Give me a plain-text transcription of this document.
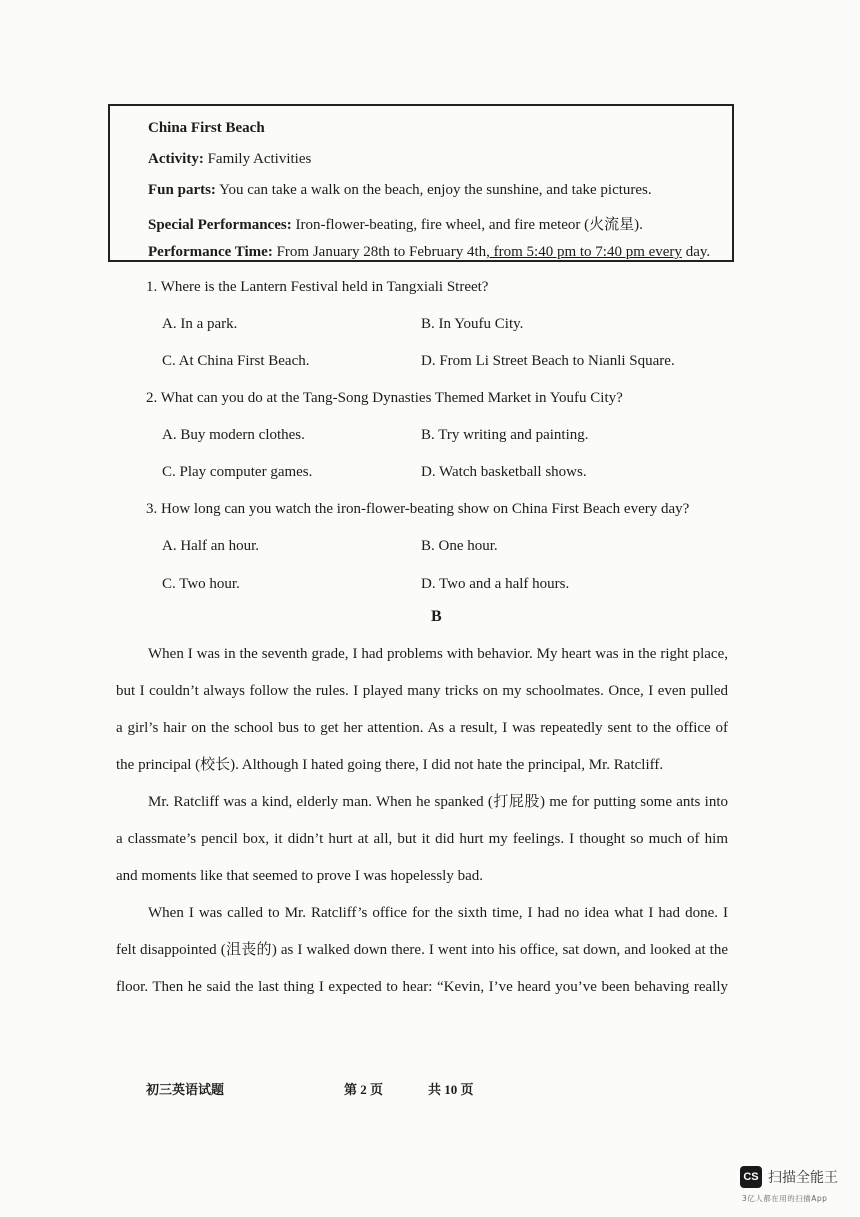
China First Beach
Activity: Family Activities
Fun parts: You can take a walk on the beach, enjoy the sunshine, and take pictures.
Special Performances: Iron-flower-beating, fire wheel, and fire meteor (火流星).
Performance Time: From January 28th to February 4th, from 5:40 pm to 7:40 pm every day.
1. Where is the Lantern Festival held in Tangxiali Street?
A. In a park.	B. In Youfu City.
C. At China First Beach.	D. From Li Street Beach to Nianli Square.
2. What can you do at the Tang-Song Dynasties Themed Market in Youfu City?
A. Buy modern clothes.	B. Try writing and painting.
C. Play computer games.	D. Watch basketball shows.
3. How long can you watch the iron-flower-beating show on China First Beach every day?
A. Half an hour.	B. One hour.
C. Two hour.	D. Two and a half hours.
B

When I was in the seventh grade, I had problems with behavior. My heart was in the right place,

but I couldn’t always follow the rules. I played many tricks on my schoolmates. Once, I even pulled

a girl’s hair on the school bus to get her attention. As a result, I was repeatedly sent to the office of

the principal (校长). Although I hated going there, I did not hate the principal, Mr. Ratcliff.

Mr. Ratcliff was a kind, elderly man. When he spanked (打屁股) me for putting some ants into

a classmate’s pencil box, it didn’t hurt at all, but it did hurt my feelings. I thought so much of him

and moments like that seemed to prove I was hopelessly bad.

When I was called to Mr. Ratcliff’s office for the sixth time, I had no idea what I had done. I

felt disappointed (沮丧的) as I walked down there. I went into his office, sat down, and looked at the

floor. Then he said the last thing I expected to hear: “Kevin, I’ve heard you’ve been behaving really

初三英语试题	第 2 页	共 10 页
CS 扫描全能王
3亿人都在用的扫描App
